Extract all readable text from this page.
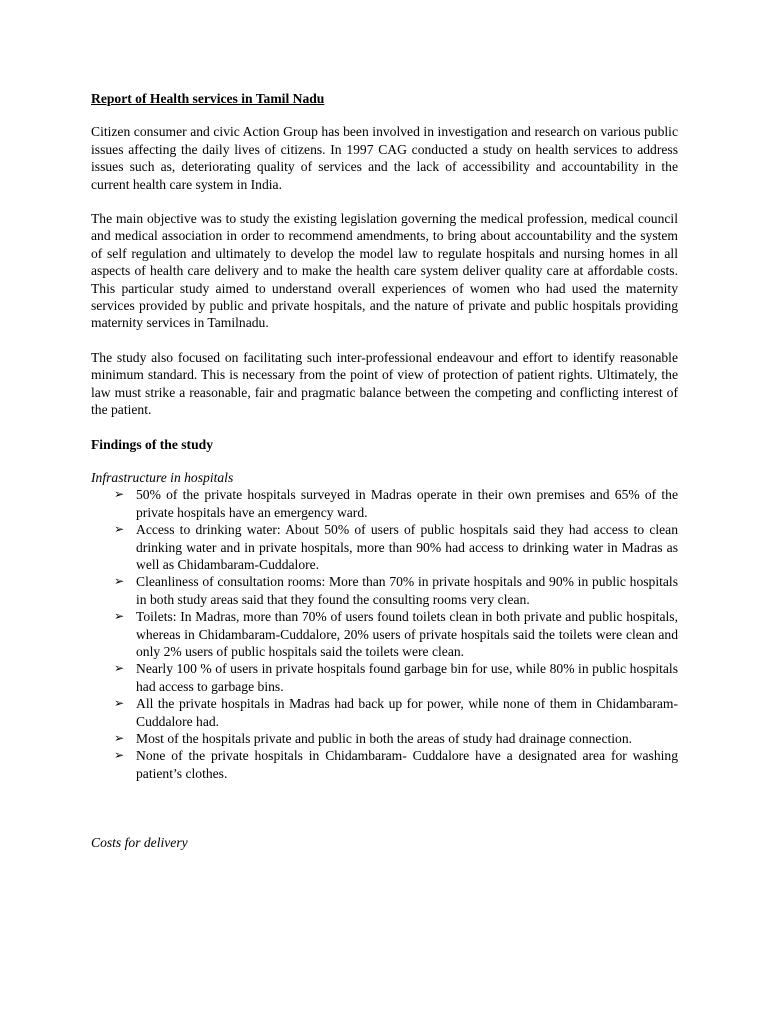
Report of Health services in Tamil Nadu

Citizen consumer and civic Action Group has been involved in investigation and research on various public issues affecting the daily lives of citizens. In 1997 CAG conducted a study on health services to address issues such as, deteriorating quality of services and the lack of accessibility and accountability in the current health care system in India.

The main objective was to study the existing legislation governing the medical profession, medical council and medical association in order to recommend amendments, to bring about accountability and the system of self regulation and ultimately to develop the model law to regulate hospitals and nursing homes in all aspects of health care delivery and to make the health care system deliver quality care at affordable costs. This particular study aimed to understand overall experiences of women who had used the maternity services provided by public and private hospitals, and the nature of private and public hospitals providing maternity services in Tamilnadu.

The study also focused on facilitating such inter-professional endeavour and effort to identify reasonable minimum standard. This is necessary from the point of view of protection of patient rights. Ultimately, the law must strike a reasonable, fair and pragmatic balance between the competing and conflicting interest of the patient.

Findings of the study
Infrastructure in hospitals
➢ 50% of the private hospitals surveyed in Madras operate in their own premises and 65% of the private hospitals have an emergency ward.
➢ Access to drinking water: About 50% of users of public hospitals said they had access to clean drinking water and in private hospitals, more than 90% had access to drinking water in Madras as well as Chidambaram-Cuddalore.
➢ Cleanliness of consultation rooms: More than 70% in private hospitals and 90% in public hospitals in both study areas said that they found the consulting rooms very clean.
➢ Toilets: In Madras, more than 70% of users found toilets clean in both private and public hospitals, whereas in Chidambaram-Cuddalore, 20% users of private hospitals said the toilets were clean and only 2% users of public hospitals said the toilets were clean.
➢ Nearly 100 % of users in private hospitals found garbage bin for use, while 80% in public hospitals had access to garbage bins.
➢ All the private hospitals in Madras had back up for power, while none of them in Chidambaram- Cuddalore had.
➢ Most of the hospitals private and public in both the areas of study had drainage connection.
➢ None of the private hospitals in Chidambaram- Cuddalore have a designated area for washing patient’s clothes.
Costs for delivery
